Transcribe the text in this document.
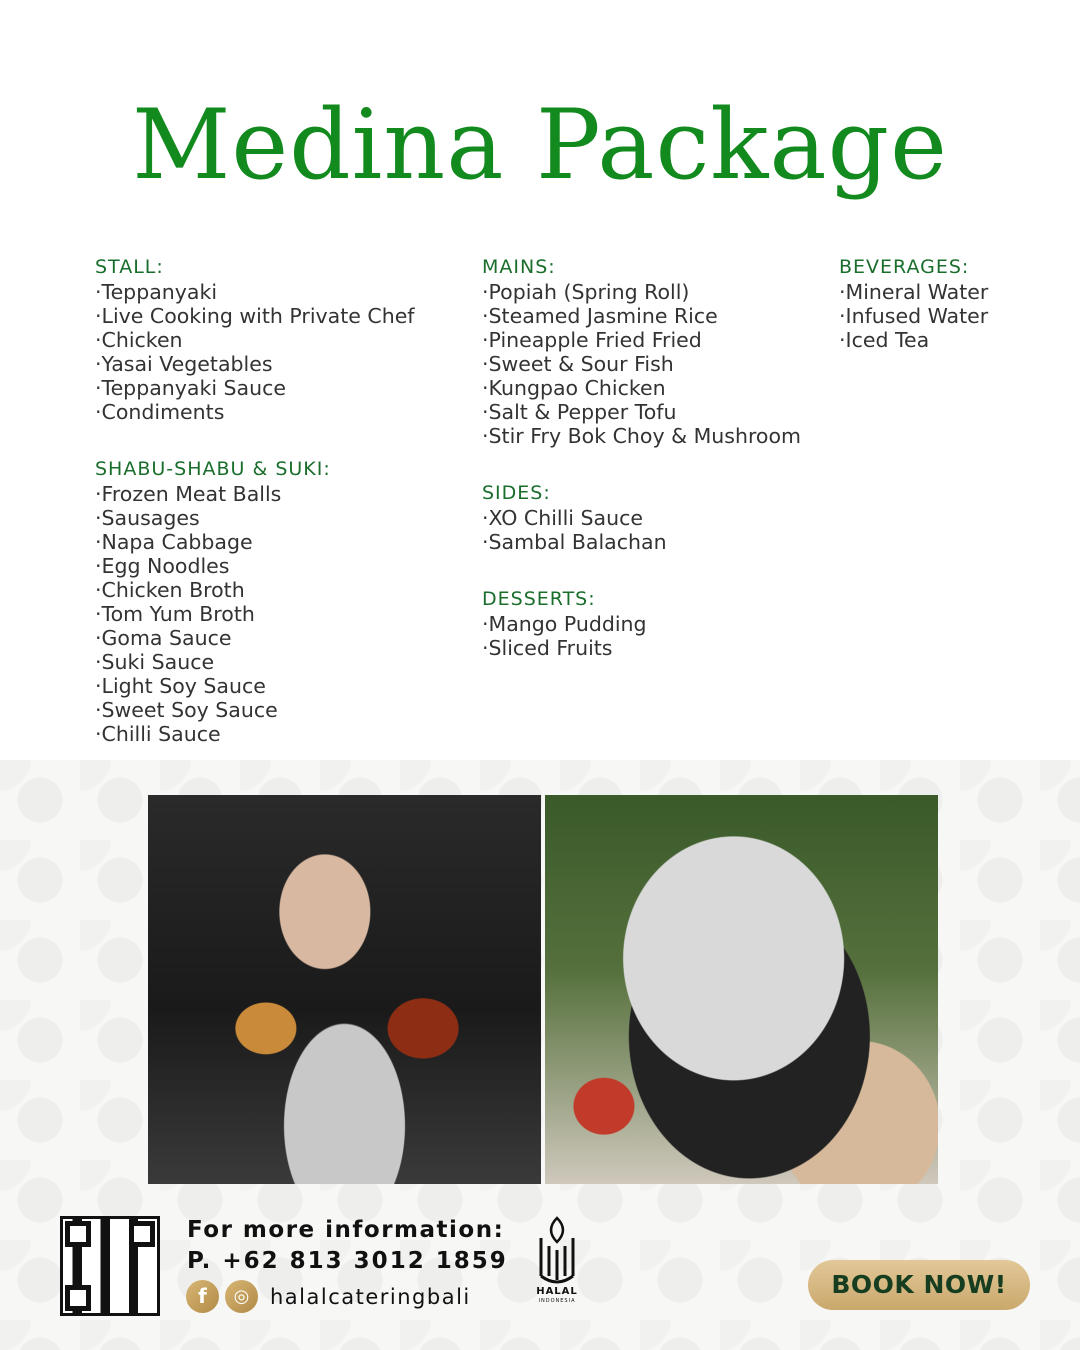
Medina Package
STALL:
· Teppanyaki
· Live Cooking with Private Chef
· Chicken
· Yasai Vegetables
· Teppanyaki Sauce
· Condiments
SHABU-SHABU & SUKI:
· Frozen Meat Balls
· Sausages
· Napa Cabbage
· Egg Noodles
· Chicken Broth
· Tom Yum Broth
· Goma Sauce
· Suki Sauce
· Light Soy Sauce
· Sweet Soy Sauce
· Chilli Sauce
MAINS:
· Popiah (Spring Roll)
· Steamed Jasmine Rice
· Pineapple Fried Fried
· Sweet & Sour Fish
· Kungpao Chicken
· Salt & Pepper Tofu
· Stir Fry Bok Choy & Mushroom
SIDES:
· XO Chilli Sauce
· Sambal Balachan
DESSERTS:
· Mango Pudding
· Sliced Fruits
BEVERAGES:
· Mineral Water
· Infused Water
· Iced Tea
For more information:
P. +62 813 3012 1859
f	◎ halalcateringbali	HALAL
INDONESIA
BOOK NOW!
